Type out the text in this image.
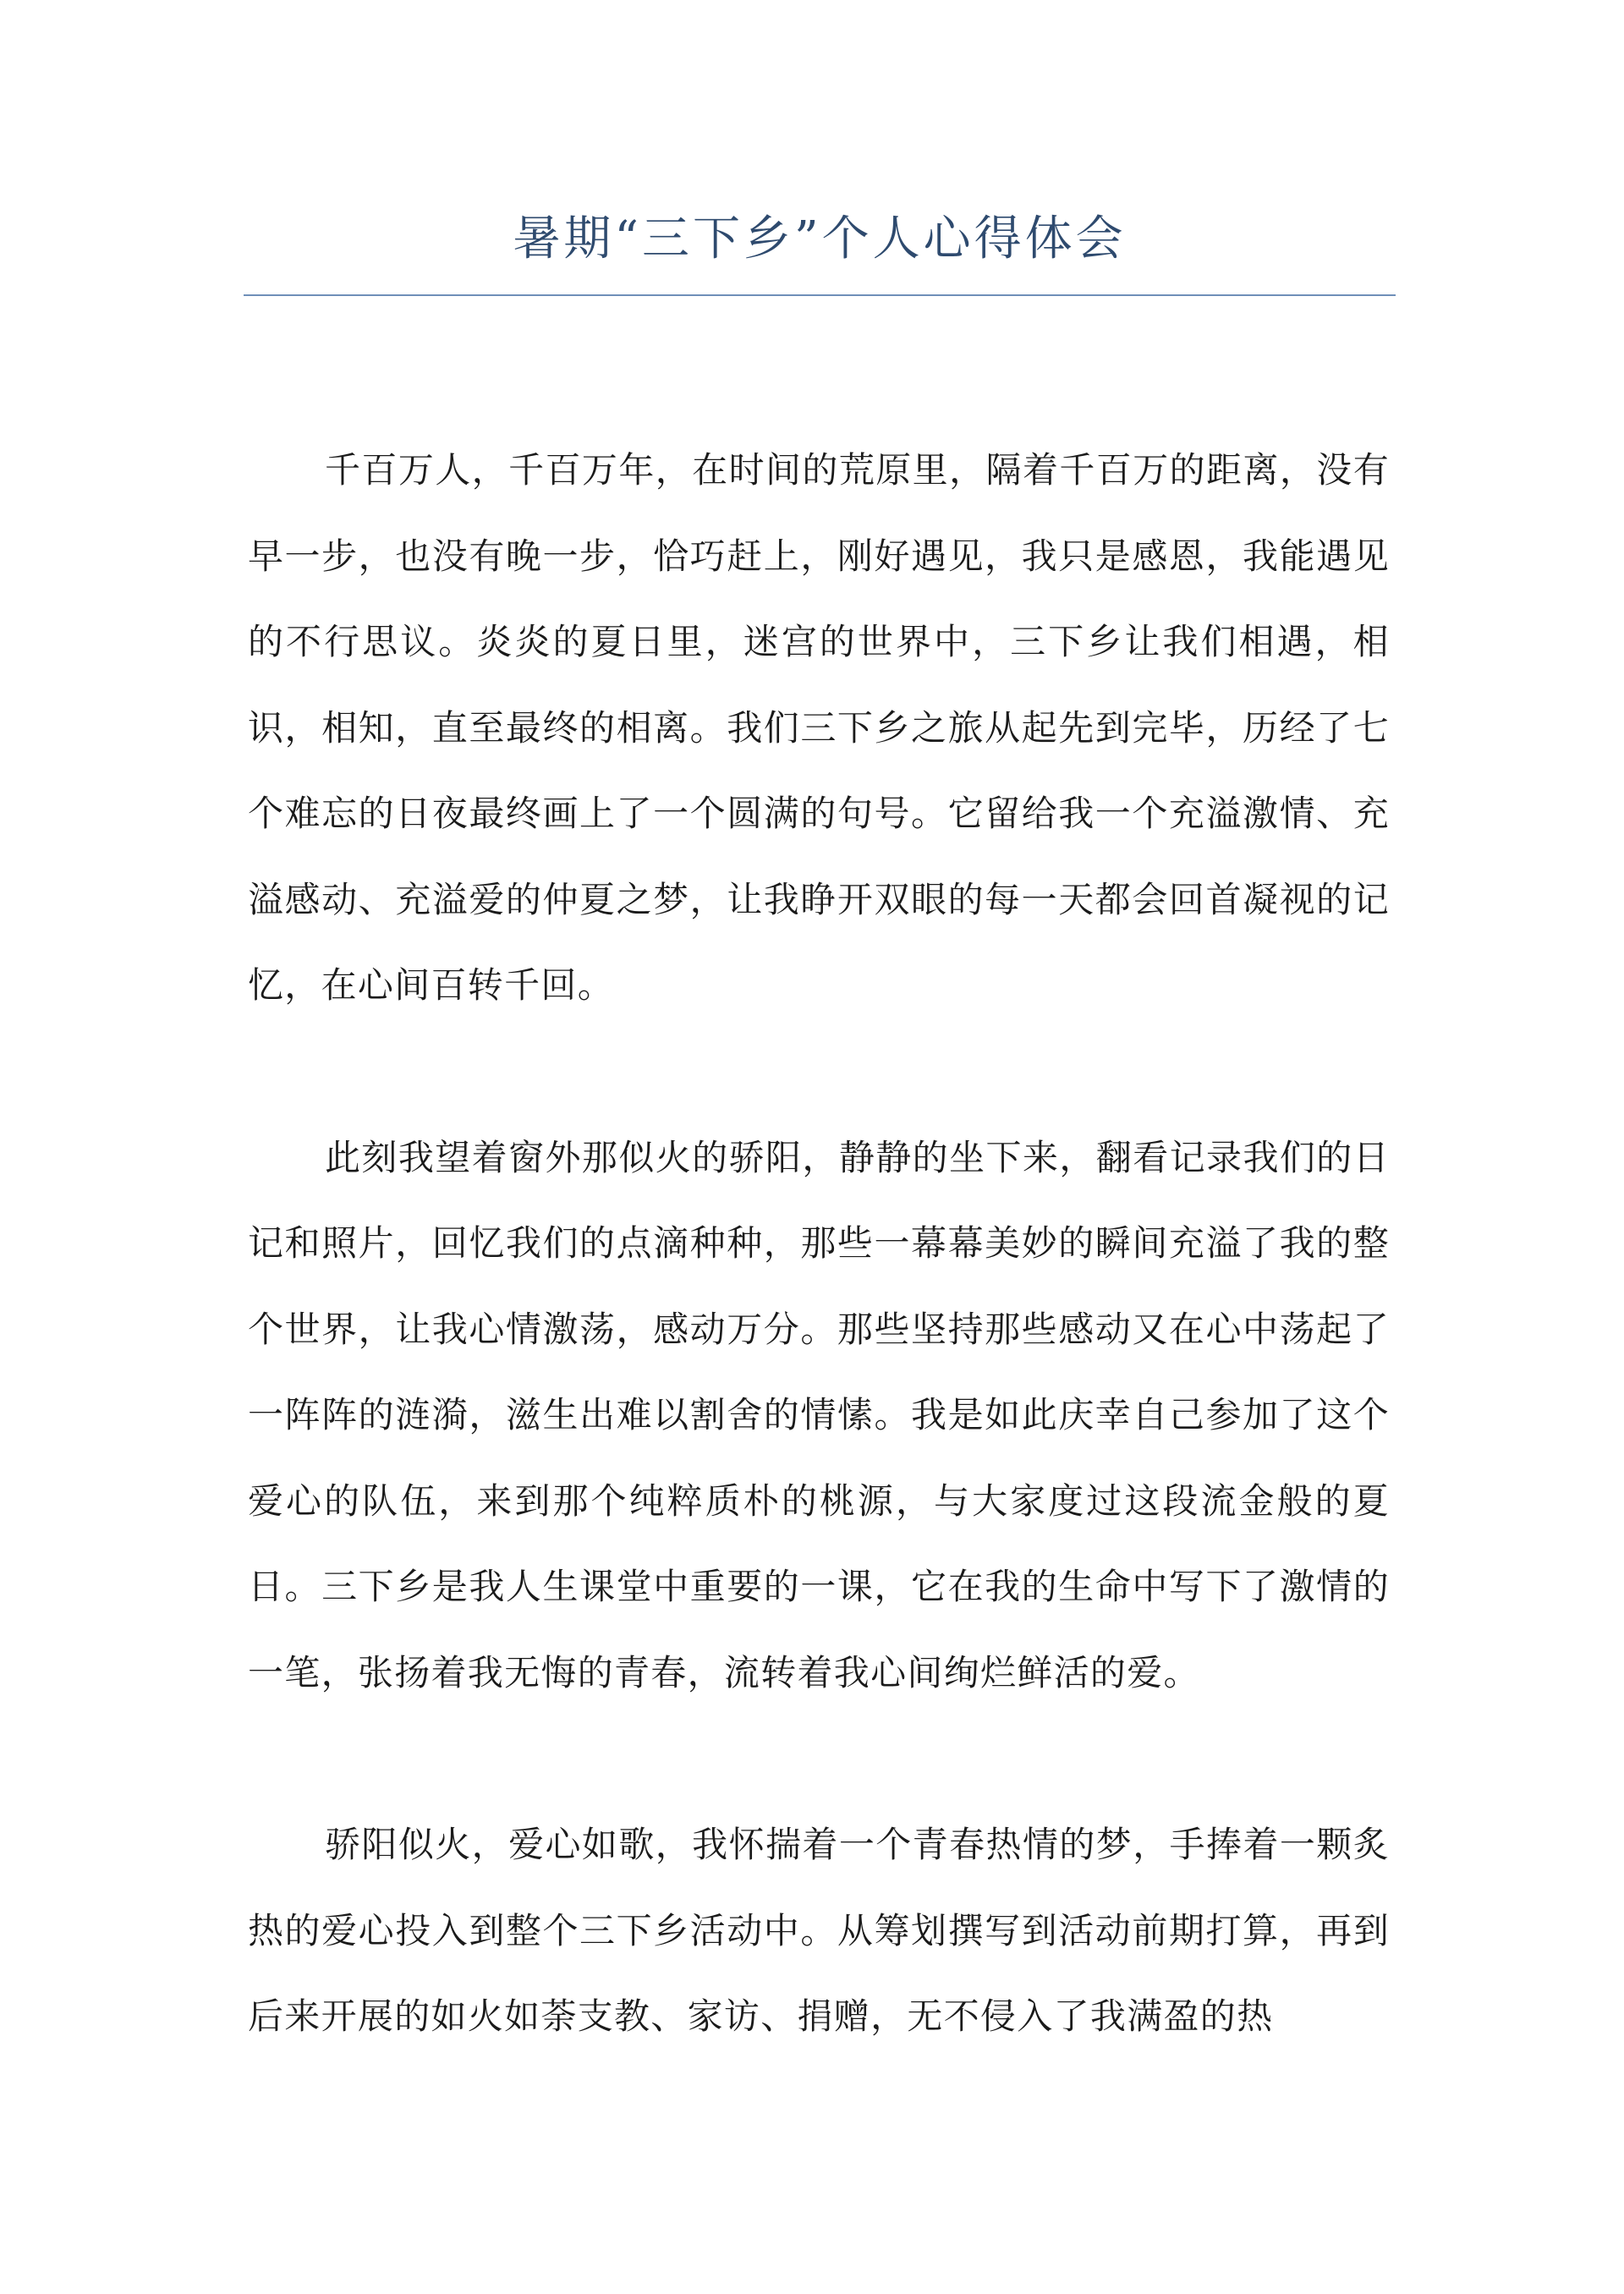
暑期“三下乡”个人心得体会

千百万人，千百万年，在时间的荒原里，隔着千百万的距离，没有早一步，也没有晚一步，恰巧赶上，刚好遇见，我只是感恩，我能遇见的不行思议。炎炎的夏日里，迷宫的世界中，三下乡让我们相遇，相识，相知，直至最终的相离。我们三下乡之旅从起先到完毕，历经了七个难忘的日夜最终画上了一个圆满的句号。它留给我一个充溢激情、充溢感动、充溢爱的仲夏之梦，让我睁开双眼的每一天都会回首凝视的记忆，在心间百转千回。

此刻我望着窗外那似火的骄阳，静静的坐下来，翻看记录我们的日记和照片，回忆我们的点滴种种，那些一幕幕美妙的瞬间充溢了我的整个世界，让我心情激荡，感动万分。那些坚持那些感动又在心中荡起了一阵阵的涟漪，滋生出难以割舍的情愫。我是如此庆幸自己参加了这个爱心的队伍，来到那个纯粹质朴的桃源，与大家度过这段流金般的夏日。三下乡是我人生课堂中重要的一课，它在我的生命中写下了激情的一笔，张扬着我无悔的青春，流转着我心间绚烂鲜活的爱。

骄阳似火，爱心如歌，我怀揣着一个青春热情的梦，手捧着一颗炙热的爱心投入到整个三下乡活动中。从筹划撰写到活动前期打算，再到后来开展的如火如荼支教、家访、捐赠，无不侵入了我满盈的热
